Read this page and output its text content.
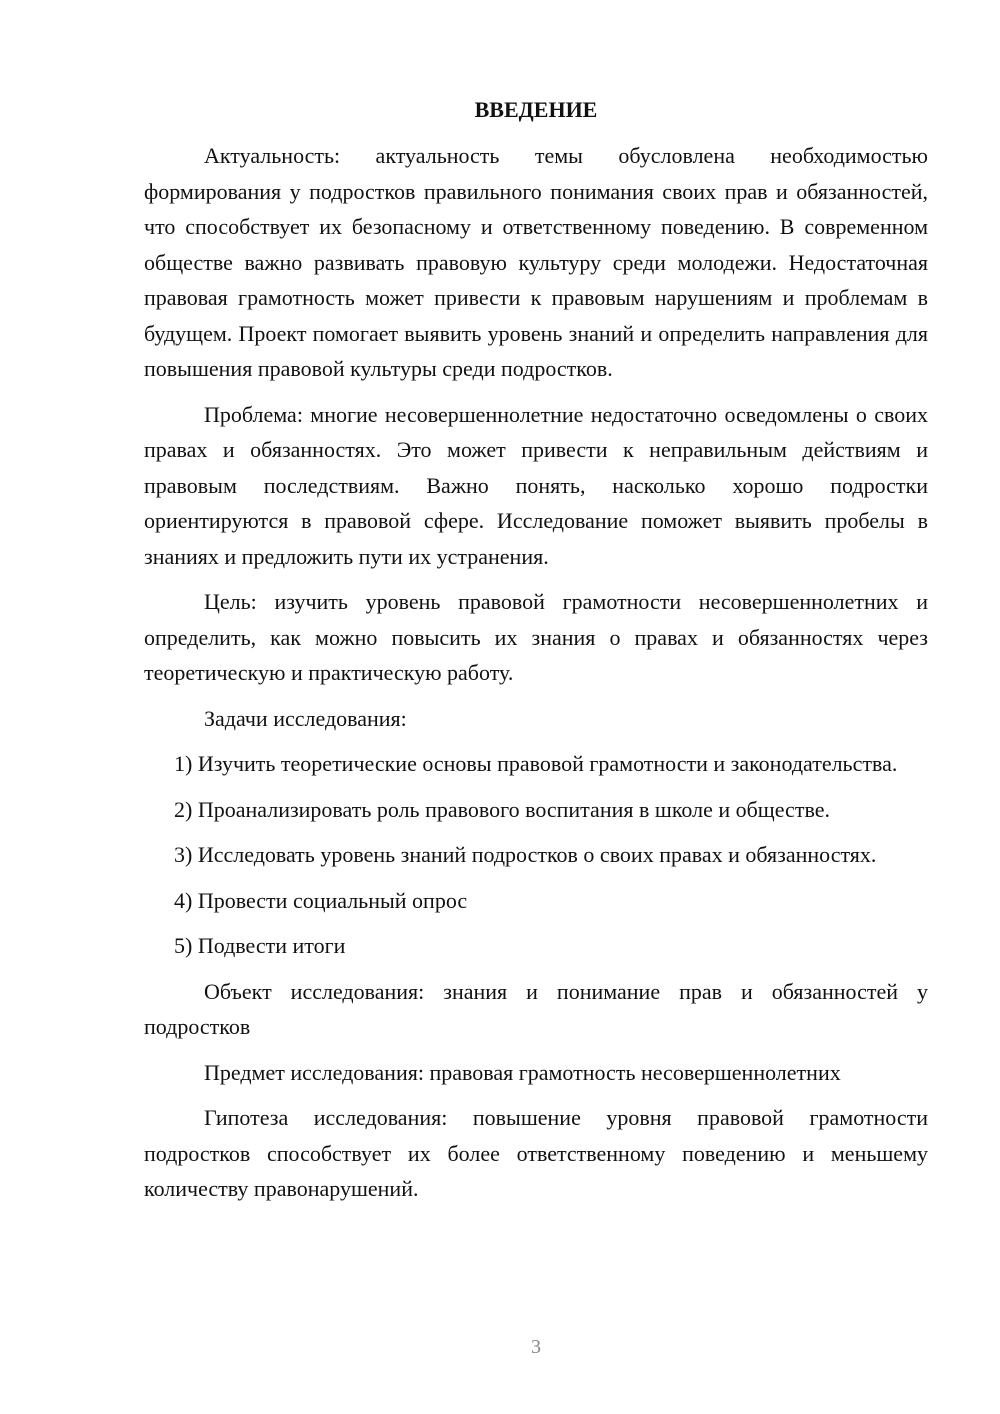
ВВЕДЕНИЕ

Актуальность: актуальность темы обусловлена необходимостью формирования у подростков правильного понимания своих прав и обязанностей, что способствует их безопасному и ответственному поведению. В современном обществе важно развивать правовую культуру среди молодежи. Недостаточная правовая грамотность может привести к правовым нарушениям и проблемам в будущем. Проект помогает выявить уровень знаний и определить направления для повышения правовой культуры среди подростков.

Проблема: многие несовершеннолетние недостаточно осведомлены о своих правах и обязанностях. Это может привести к неправильным действиям и правовым последствиям. Важно понять, насколько хорошо подростки ориентируются в правовой сфере. Исследование поможет выявить пробелы в знаниях и предложить пути их устранения.

Цель: изучить уровень правовой грамотности несовершеннолетних и определить, как можно повысить их знания о правах и обязанностях через теоретическую и практическую работу.

Задачи исследования:

1) Изучить теоретические основы правовой грамотности и законодательства.

2) Проанализировать роль правового воспитания в школе и обществе.

3) Исследовать уровень знаний подростков о своих правах и обязанностях.

4) Провести социальный опрос

5) Подвести итоги

Объект исследования: знания и понимание прав и обязанностей у подростков

Предмет исследования: правовая грамотность несовершеннолетних

Гипотеза исследования: повышение уровня правовой грамотности подростков способствует их более ответственному поведению и меньшему количеству правонарушений.

3
